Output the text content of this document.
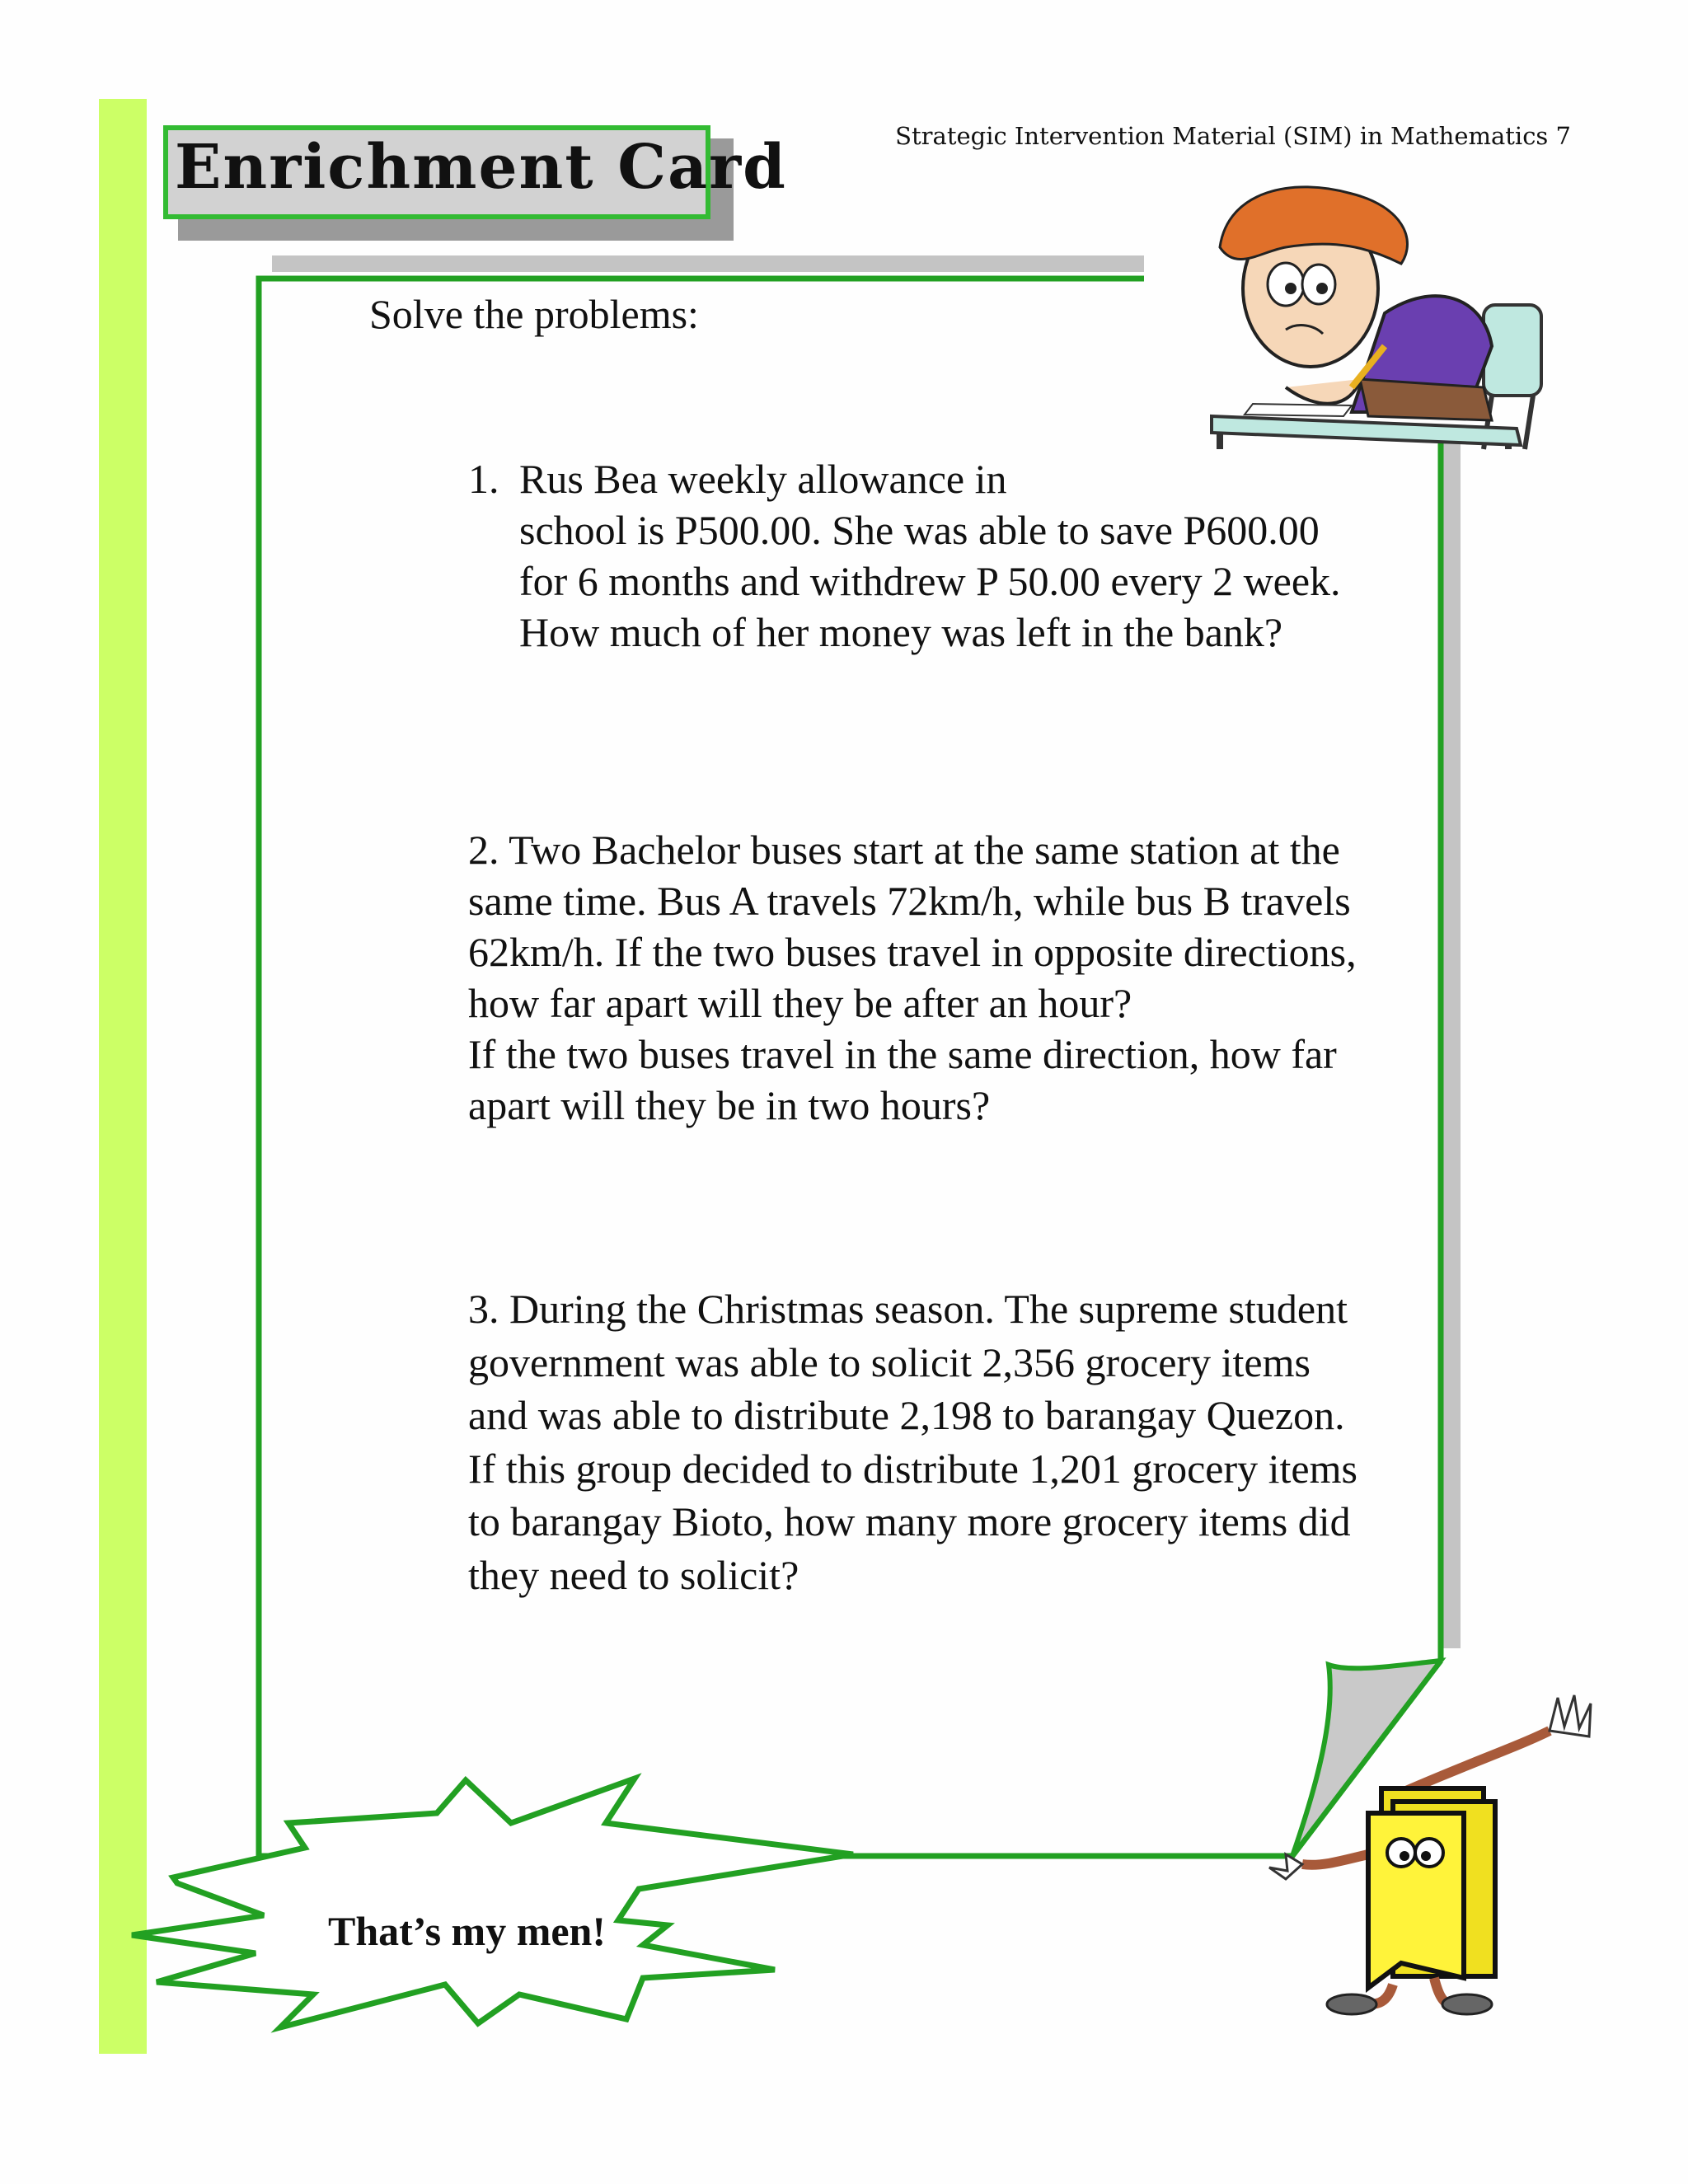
Enrichment Card	Strategic Intervention Material (SIM) in Mathematics 7
Solve the problems:
1. Rus Bea weekly allowance in
school is P500.00. She was able to save P600.00
for 6 months and withdrew P 50.00 every 2 week.
How much of her money was left in the bank?
2. Two Bachelor buses start at the same station at the
same time. Bus A travels 72km/h, while bus B travels
62km/h. If the two buses travel in opposite directions,
how far apart will they be after an hour?
If the two buses travel in the same direction, how far
apart will they be in two hours?
3. During the Christmas season. The supreme student
government was able to solicit 2,356 grocery items
and was able to distribute 2,198 to barangay Quezon.
If this group decided to distribute 1,201 grocery items
to barangay Bioto, how many more grocery items did
they need to solicit?
That’s my men!
